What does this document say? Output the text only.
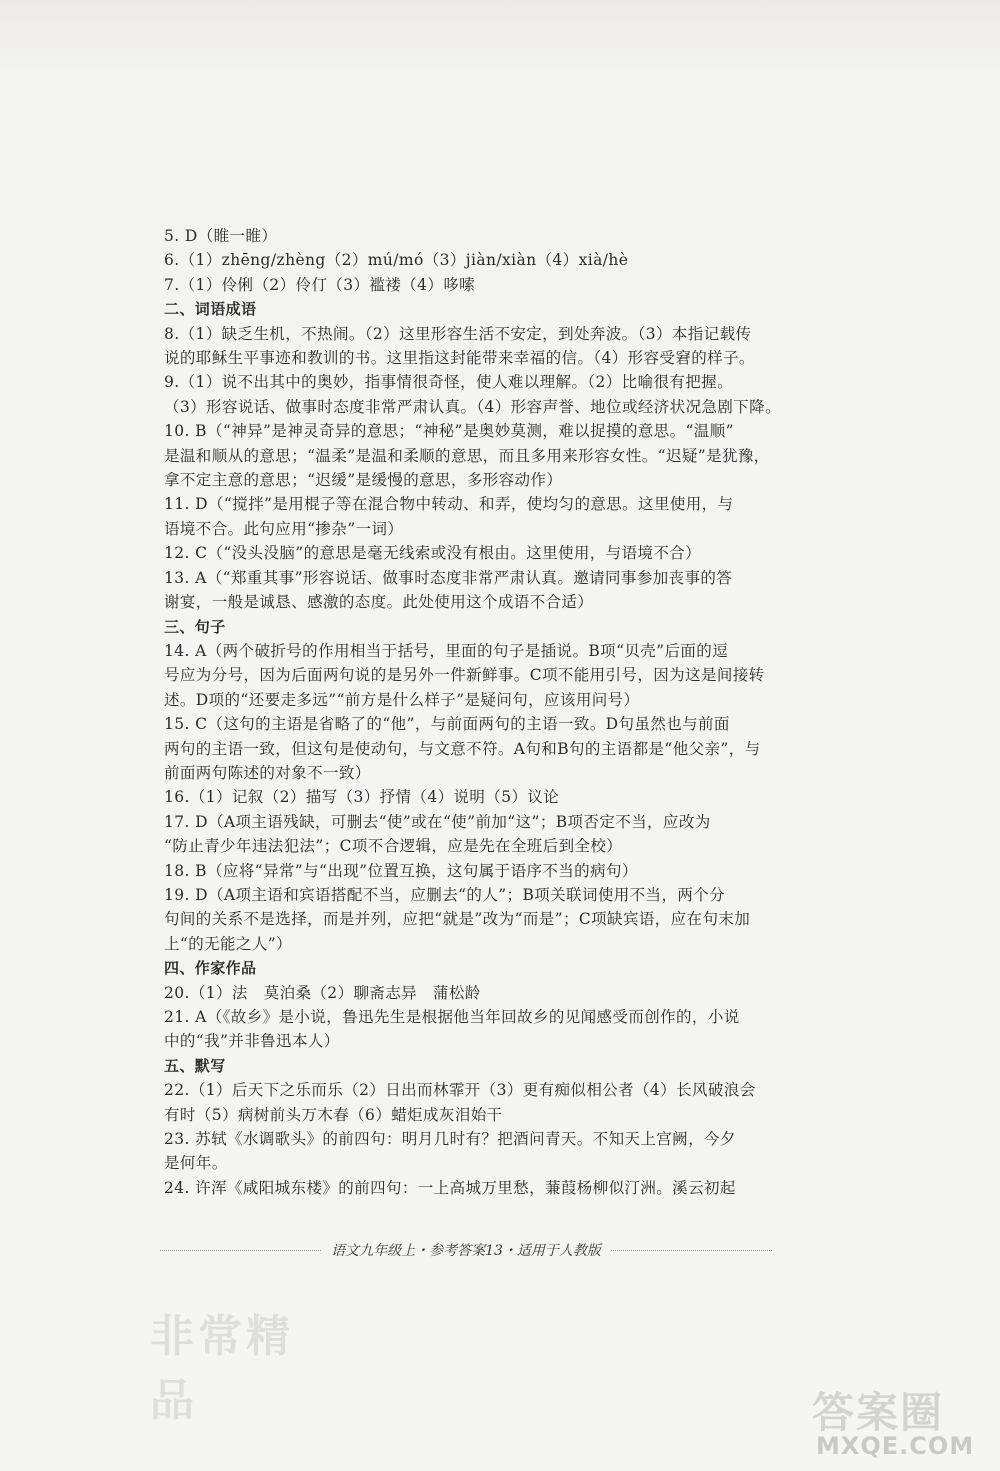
5. D（睢一睢）
6.（1）zhēng/zhèng（2）mú/mó（3）jiàn/xiàn（4）xià/hè
7.（1）伶俐（2）伶仃（3）褴褛（4）哆嗦
二、词语成语
8.（1）缺乏生机，不热闹。（2）这里形容生活不安定，到处奔波。（3）本指记载传
说的耶稣生平事迹和教训的书。这里指这封能带来幸福的信。（4）形容受窘的样子。
9.（1）说不出其中的奥妙，指事情很奇怪，使人难以理解。（2）比喻很有把握。
（3）形容说话、做事时态度非常严肃认真。（4）形容声誉、地位或经济状况急剧下降。
10. B（“神异”是神灵奇异的意思；“神秘”是奥妙莫测，难以捉摸的意思。“温顺”
是温和顺从的意思；“温柔”是温和柔顺的意思，而且多用来形容女性。“迟疑”是犹豫，
拿不定主意的意思；“迟缓”是缓慢的意思，多形容动作）
11. D（“搅拌”是用棍子等在混合物中转动、和弄，使均匀的意思。这里使用，与
语境不合。此句应用“掺杂”一词）
12. C（“没头没脑”的意思是毫无线索或没有根由。这里使用，与语境不合）
13. A（“郑重其事”形容说话、做事时态度非常严肃认真。邀请同事参加丧事的答
谢宴，一般是诚恳、感激的态度。此处使用这个成语不合适）
三、句子
14. A（两个破折号的作用相当于括号，里面的句子是插说。B项“贝壳”后面的逗
号应为分号，因为后面两句说的是另外一件新鲜事。C项不能用引号，因为这是间接转
述。D项的“还要走多远”“前方是什么样子”是疑问句，应该用问号）
15. C（这句的主语是省略了的“他”，与前面两句的主语一致。D句虽然也与前面
两句的主语一致，但这句是使动句，与文意不符。A句和B句的主语都是“他父亲”，与
前面两句陈述的对象不一致）
16.（1）记叙（2）描写（3）抒情（4）说明（5）议论
17. D（A项主语残缺，可删去“使”或在“使”前加“这”；B项否定不当，应改为
“防止青少年违法犯法”；C项不合逻辑，应是先在全班后到全校）
18. B（应将“异常”与“出现”位置互换，这句属于语序不当的病句）
19. D（A项主语和宾语搭配不当，应删去“的人”；B项关联词使用不当，两个分
句间的关系不是选择，而是并列，应把“就是”改为“而是”；C项缺宾语，应在句末加
上“的无能之人”）
四、作家作品
20.（1）法　莫泊桑（2）聊斋志异　蒲松龄
21. A（《故乡》是小说，鲁迅先生是根据他当年回故乡的见闻感受而创作的，小说
中的“我”并非鲁迅本人）
五、默写
22.（1）后天下之乐而乐（2）日出而林霏开（3）更有痴似相公者（4）长风破浪会
有时（5）病树前头万木春（6）蜡炬成灰泪始干
23. 苏轼《水调歌头》的前四句：明月几时有？把酒问青天。不知天上宫阙，今夕
是何年。
24. 许浑《咸阳城东楼》的前四句：一上高城万里愁，蒹葭杨柳似汀洲。溪云初起
语文九年级上・参考答案13・适用于人教版
非常精品	答案圈
MXQE.COM
